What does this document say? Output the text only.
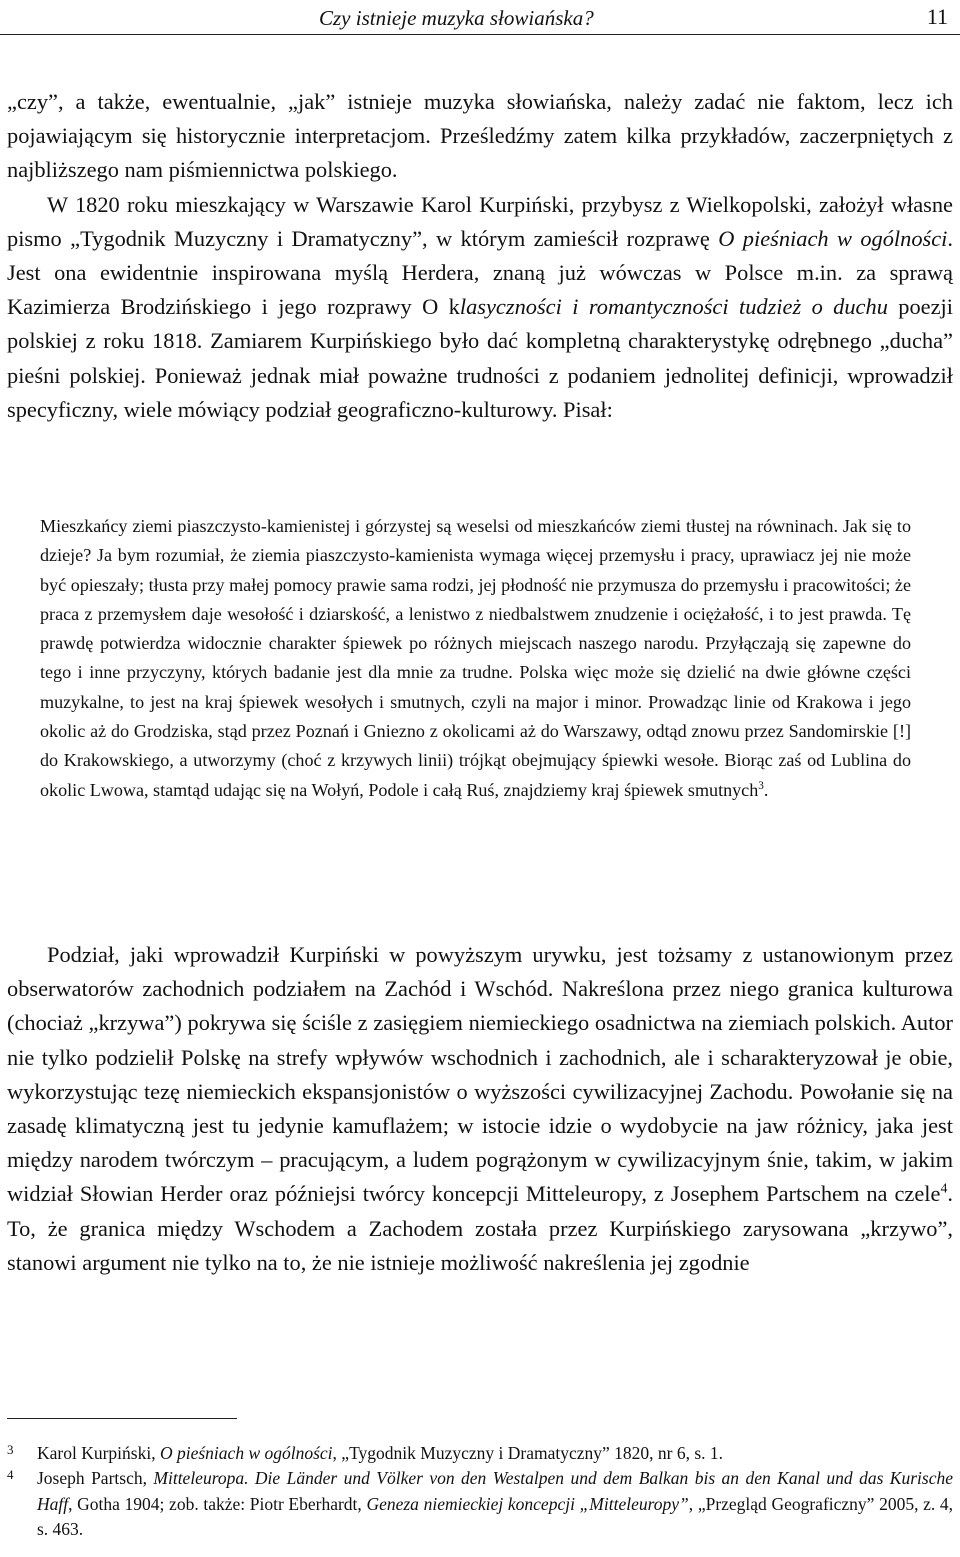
Czy istnieje muzyka słowiańska?	11

„czy”, a także, ewentualnie, „jak” istnieje muzyka słowiańska, należy zadać nie faktom, lecz ich pojawiającym się historycznie interpretacjom. Prześledźmy zatem kilka przykładów, zaczerpniętych z najbliższego nam piśmiennictwa polskiego.
W 1820 roku mieszkający w Warszawie Karol Kurpiński, przybysz z Wielkopolski, założył własne pismo „Tygodnik Muzyczny i Dramatyczny”, w którym zamieścił rozprawę O pieśniach w ogólności. Jest ona ewidentnie inspirowana myślą Herdera, znaną już wówczas w Polsce m.in. za sprawą Kazimierza Brodzińskiego i jego rozprawy O klasyczności i romantyczności tudzież o duchu poezji polskiej z roku 1818. Zamiarem Kurpińskiego było dać kompletną charakterystykę odrębnego „ducha” pieśni polskiej. Ponieważ jednak miał poważne trudności z podaniem jednolitej definicji, wprowadził specyficzny, wiele mówiący podział geograficzno-kulturowy. Pisał:

Mieszkańcy ziemi piaszczysto-kamienistej i górzystej są weselsi od mieszkańców ziemi tłustej na równinach. Jak się to dzieje? Ja bym rozumiał, że ziemia piaszczysto-kamienista wymaga więcej przemysłu i pracy, uprawiacz jej nie może być opieszały; tłusta przy małej pomocy prawie sama rodzi, jej płodność nie przymusza do przemysłu i pracowitości; że praca z przemysłem daje wesołość i dziarskość, a lenistwo z niedbalstwem znudzenie i ociężałość, i to jest prawda. Tę prawdę potwierdza widocznie charakter śpiewek po różnych miejscach naszego narodu. Przyłączają się zapewne do tego i inne przyczyny, których badanie jest dla mnie za trudne. Polska więc może się dzielić na dwie główne części muzykalne, to jest na kraj śpiewek wesołych i smutnych, czyli na major i minor. Prowadząc linie od Krakowa i jego okolic aż do Grodziska, stąd przez Poznań i Gniezno z okolicami aż do Warszawy, odtąd znowu przez Sandomirskie [!] do Krakowskiego, a utworzymy (choć z krzywych linii) trójkąt obejmujący śpiewki wesołe. Biorąc zaś od Lublina do okolic Lwowa, stamtąd udając się na Wołyń, Podole i całą Ruś, znajdziemy kraj śpiewek smutnych$^3$.

Podział, jaki wprowadził Kurpiński w powyższym urywku, jest tożsamy z ustanowionym przez obserwatorów zachodnich podziałem na Zachód i Wschód. Nakreślona przez niego granica kulturowa (chociaż „krzywa”) pokrywa się ściśle z zasięgiem niemieckiego osadnictwa na ziemiach polskich. Autor nie tylko podzielił Polskę na strefy wpływów wschodnich i zachodnich, ale i scharakteryzował je obie, wykorzystując tezę niemieckich ekspansjonistów o wyższości cywilizacyjnej Zachodu. Powołanie się na zasadę klimatyczną jest tu jedynie kamuflażem; w istocie idzie o wydobycie na jaw różnicy, jaka jest między narodem twórczym – pracującym, a ludem pogrążonym w cywilizacyjnym śnie, takim, w jakim widział Słowian Herder oraz późniejsi twórcy koncepcji Mitteleuropy, z Josephem Partschem na czele$^4$. To, że granica między Wschodem a Zachodem została przez Kurpińskiego zarysowana „krzywo”, stanowi argument nie tylko na to, że nie istnieje możliwość nakreślenia jej zgodnie

3 Karol Kurpiński, O pieśniach w ogólności, „Tygodnik Muzyczny i Dramatyczny” 1820, nr 6, s. 1.

4 Joseph Partsch, Mitteleuropa. Die Länder und Völker von den Westalpen und dem Balkan bis an den Kanal und das Kurische Haff, Gotha 1904; zob. także: Piotr Eberhardt, Geneza niemieckiej koncepcji „Mitteleuropy”, „Przegląd Geograficzny” 2005, z. 4, s. 463.
